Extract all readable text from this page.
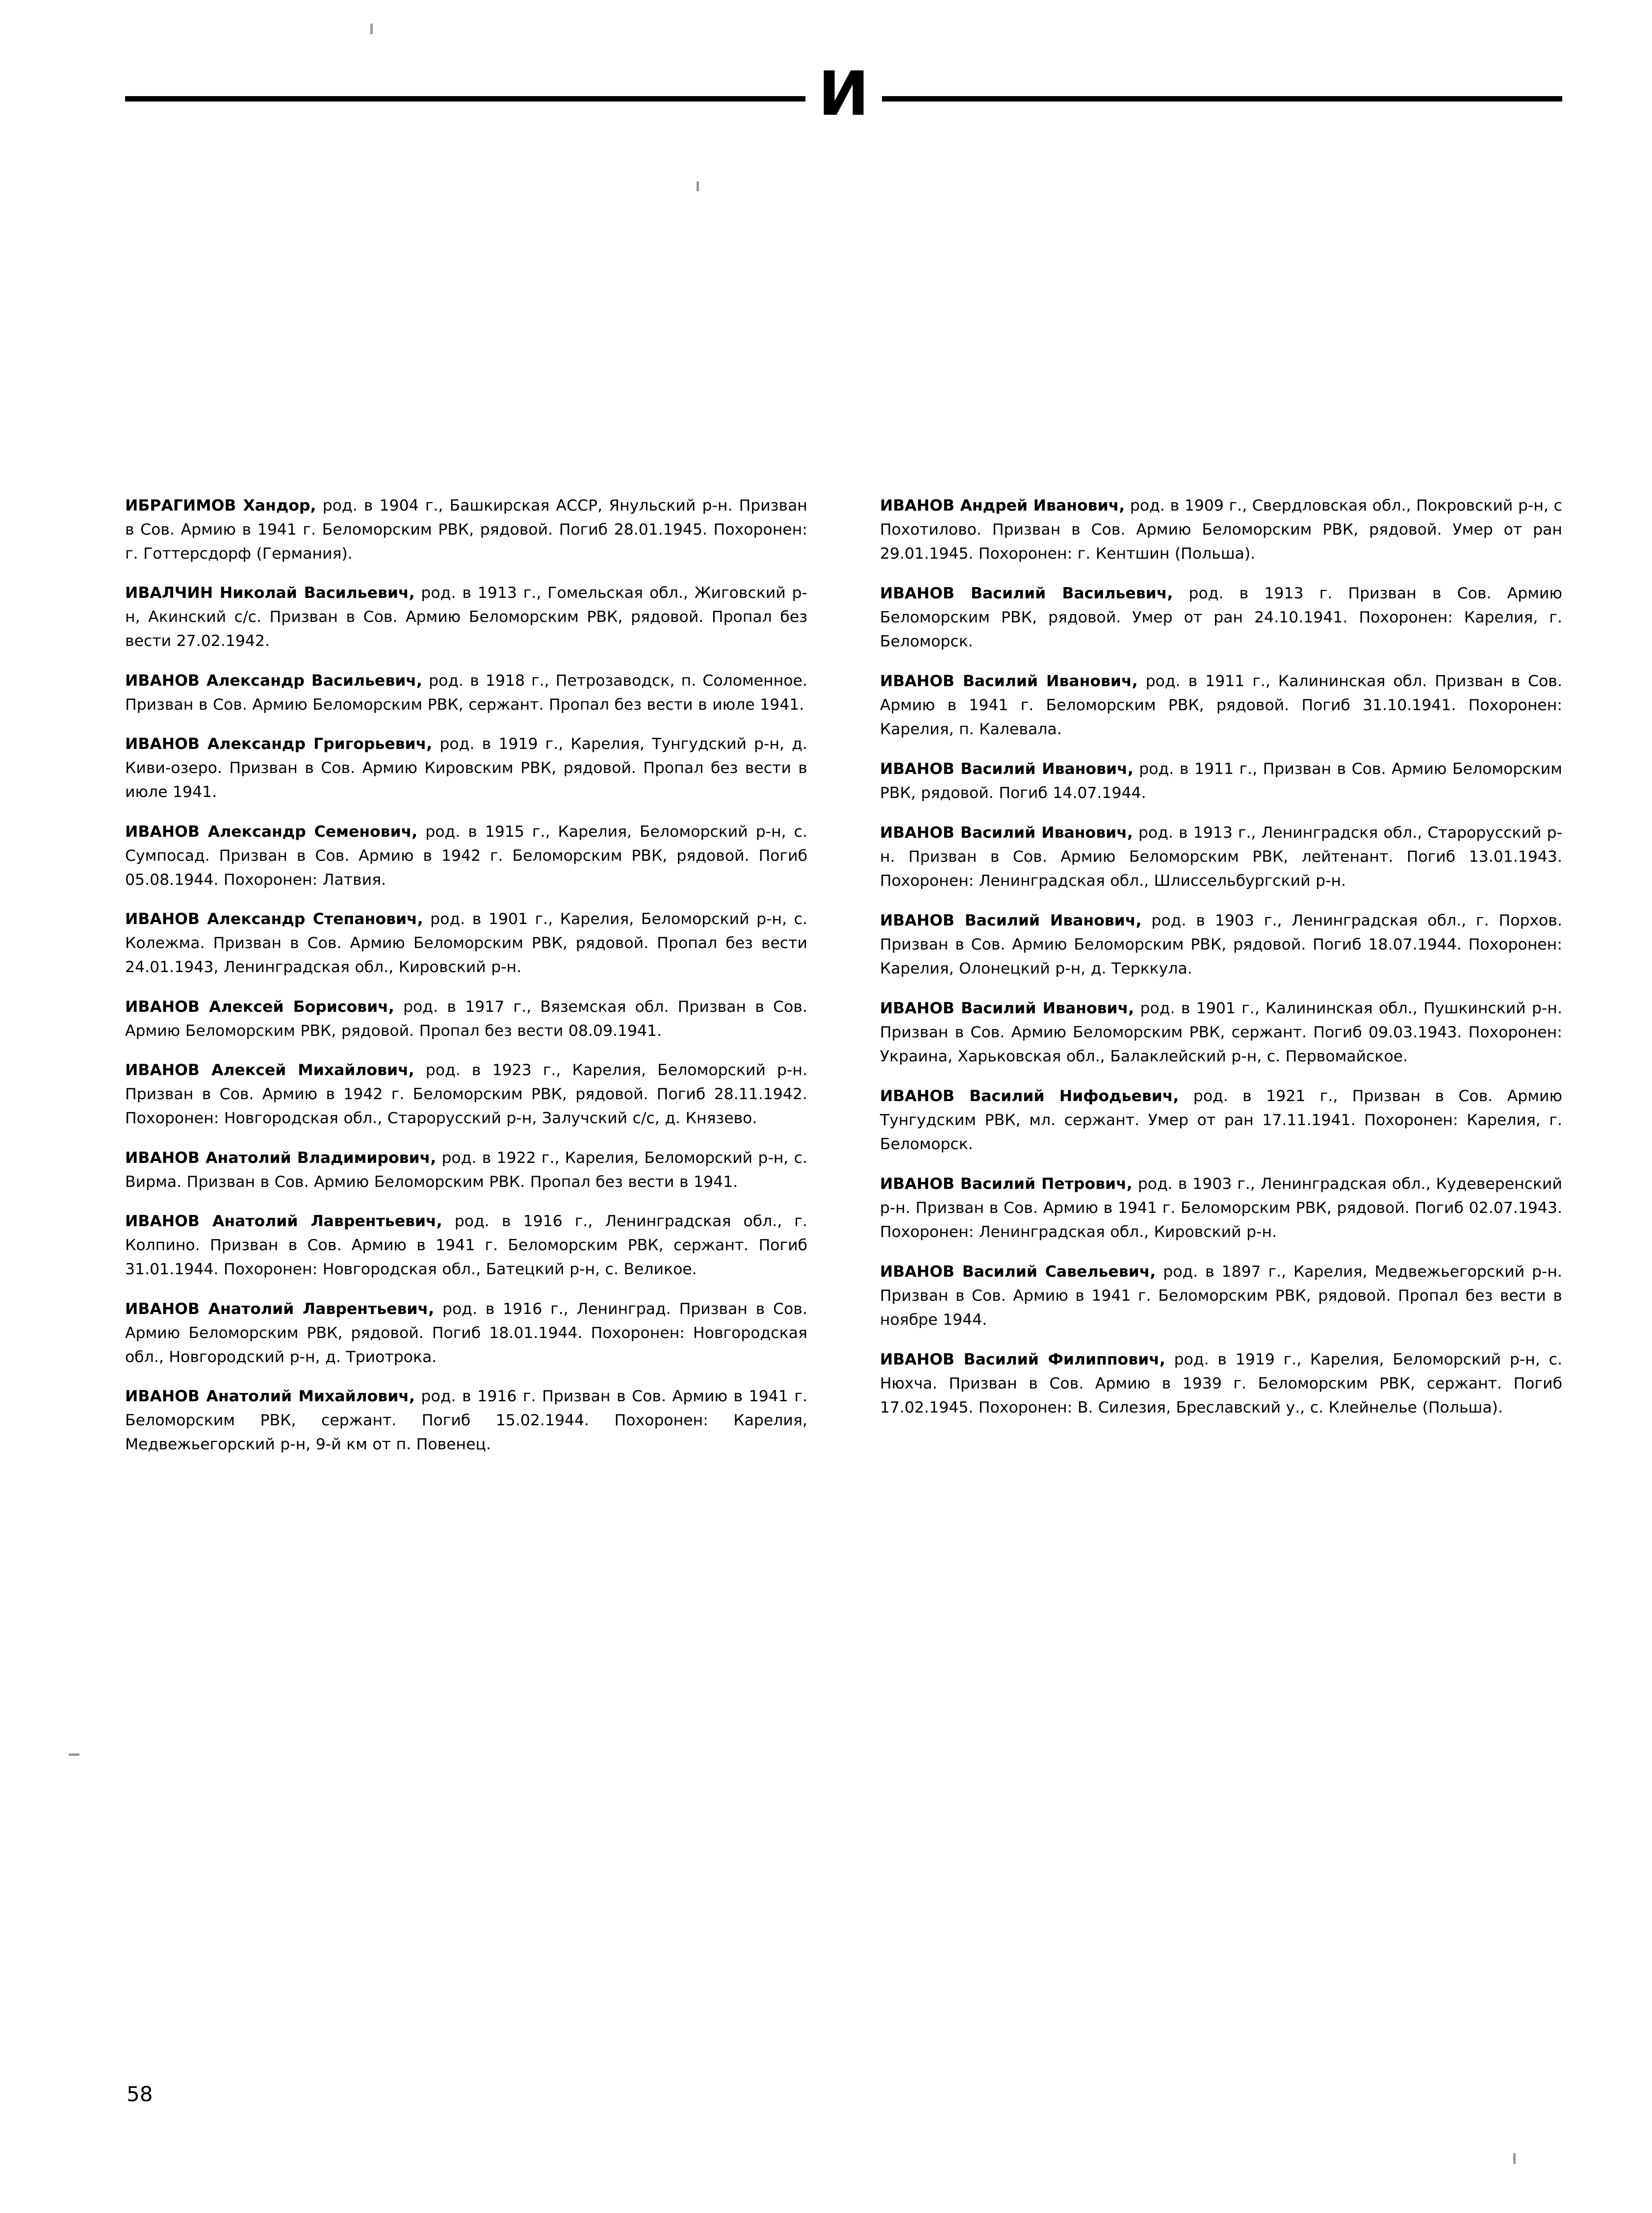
И

ИБРАГИМОВ Хандор, род. в 1904 г., Башкирская АССР, Янульский р-н. Призван в Сов. Армию в 1941 г. Беломорским РВК, рядовой. Погиб 28.01.1945. Похоронен: г. Готтерсдорф (Германия).

ИВАЛЧИН Николай Васильевич, род. в 1913 г., Гомельская обл., Жиговский р-н, Акинский с/с. Призван в Сов. Армию Беломорским РВК, рядовой. Пропал без вести 27.02.1942.

ИВАНОВ Александр Васильевич, род. в 1918 г., Петрозаводск, п. Соломенное. Призван в Сов. Армию Беломорским РВК, сержант. Пропал без вести в июле 1941.

ИВАНОВ Александр Григорьевич, род. в 1919 г., Карелия, Тунгудский р-н, д. Киви-озеро. Призван в Сов. Армию Кировским РВК, рядовой. Пропал без вести в июле 1941.

ИВАНОВ Александр Семенович, род. в 1915 г., Карелия, Беломорский р-н, с. Сумпосад. Призван в Сов. Армию в 1942 г. Беломорским РВК, рядовой. Погиб 05.08.1944. Похоронен: Латвия.

ИВАНОВ Александр Степанович, род. в 1901 г., Карелия, Беломорский р-н, с. Колежма. Призван в Сов. Армию Беломорским РВК, рядовой. Пропал без вести 24.01.1943, Ленинградская обл., Кировский р-н.

ИВАНОВ Алексей Борисович, род. в 1917 г., Вяземская обл. Призван в Сов. Армию Беломорским РВК, рядовой. Пропал без вести 08.09.1941.

ИВАНОВ Алексей Михайлович, род. в 1923 г., Карелия, Беломорский р-н. Призван в Сов. Армию в 1942 г. Беломорским РВК, рядовой. Погиб 28.11.1942. Похоронен: Новгородская обл., Старорусский р-н, Залучский с/с, д. Князево.

ИВАНОВ Анатолий Владимирович, род. в 1922 г., Карелия, Беломорский р-н, с. Вирма. Призван в Сов. Армию Беломорским РВК. Пропал без вести в 1941.

ИВАНОВ Анатолий Лаврентьевич, род. в 1916 г., Ленинградская обл., г. Колпино. Призван в Сов. Армию в 1941 г. Беломорским РВК, сержант. Погиб 31.01.1944. Похоронен: Новгородская обл., Батецкий р-н, с. Великое.

ИВАНОВ Анатолий Лаврентьевич, род. в 1916 г., Ленинград. Призван в Сов. Армию Беломорским РВК, рядовой. Погиб 18.01.1944. Похоронен: Новгородская обл., Новгородский р-н, д. Триотрока.

ИВАНОВ Анатолий Михайлович, род. в 1916 г. Призван в Сов. Армию в 1941 г. Беломорским РВК, сержант. Погиб 15.02.1944. Похоронен: Карелия, Медвежьегорский р-н, 9-й км от п. Повенец.

ИВАНОВ Андрей Иванович, род. в 1909 г., Свердловская обл., Покровский р-н, с Похотилово. Призван в Сов. Армию Беломорским РВК, рядовой. Умер от ран 29.01.1945. Похоронен: г. Кентшин (Польша).

ИВАНОВ Василий Васильевич, род. в 1913 г. Призван в Сов. Армию Беломорским РВК, рядовой. Умер от ран 24.10.1941. Похоронен: Карелия, г. Беломорск.

ИВАНОВ Василий Иванович, род. в 1911 г., Калининская обл. Призван в Сов. Армию в 1941 г. Беломорским РВК, рядовой. Погиб 31.10.1941. Похоронен: Карелия, п. Калевала.

ИВАНОВ Василий Иванович, род. в 1911 г., Призван в Сов. Армию Беломорским РВК, рядовой. Погиб 14.07.1944.

ИВАНОВ Василий Иванович, род. в 1913 г., Ленинградскя обл., Старорусский р-н. Призван в Сов. Армию Беломорским РВК, лейтенант. Погиб 13.01.1943. Похоронен: Ленинградская обл., Шлиссельбургский р-н.

ИВАНОВ Василий Иванович, род. в 1903 г., Ленинградская обл., г. Порхов. Призван в Сов. Армию Беломорским РВК, рядовой. Погиб 18.07.1944. Похоронен: Карелия, Олонецкий р-н, д. Терккула.

ИВАНОВ Василий Иванович, род. в 1901 г., Калининская обл., Пушкинский р-н. Призван в Сов. Армию Беломорским РВК, сержант. Погиб 09.03.1943. Похоронен: Украина, Харьковская обл., Балаклейский р-н, с. Первомайское.

ИВАНОВ Василий Нифодьевич, род. в 1921 г., Призван в Сов. Армию Тунгудским РВК, мл. сержант. Умер от ран 17.11.1941. Похоронен: Карелия, г. Беломорск.

ИВАНОВ Василий Петрович, род. в 1903 г., Ленинградская обл., Кудеверенский р-н. Призван в Сов. Армию в 1941 г. Беломорским РВК, рядовой. Погиб 02.07.1943. Похоронен: Ленинградская обл., Кировский р-н.

ИВАНОВ Василий Савельевич, род. в 1897 г., Карелия, Медвежьегорский р-н. Призван в Сов. Армию в 1941 г. Беломорским РВК, рядовой. Пропал без вести в ноябре 1944.

ИВАНОВ Василий Филиппович, род. в 1919 г., Карелия, Беломорский р-н, с. Нюхча. Призван в Сов. Армию в 1939 г. Беломорским РВК, сержант. Погиб 17.02.1945. Похоронен: В. Силезия, Бреславский у., с. Клейнелье (Польша).

58
